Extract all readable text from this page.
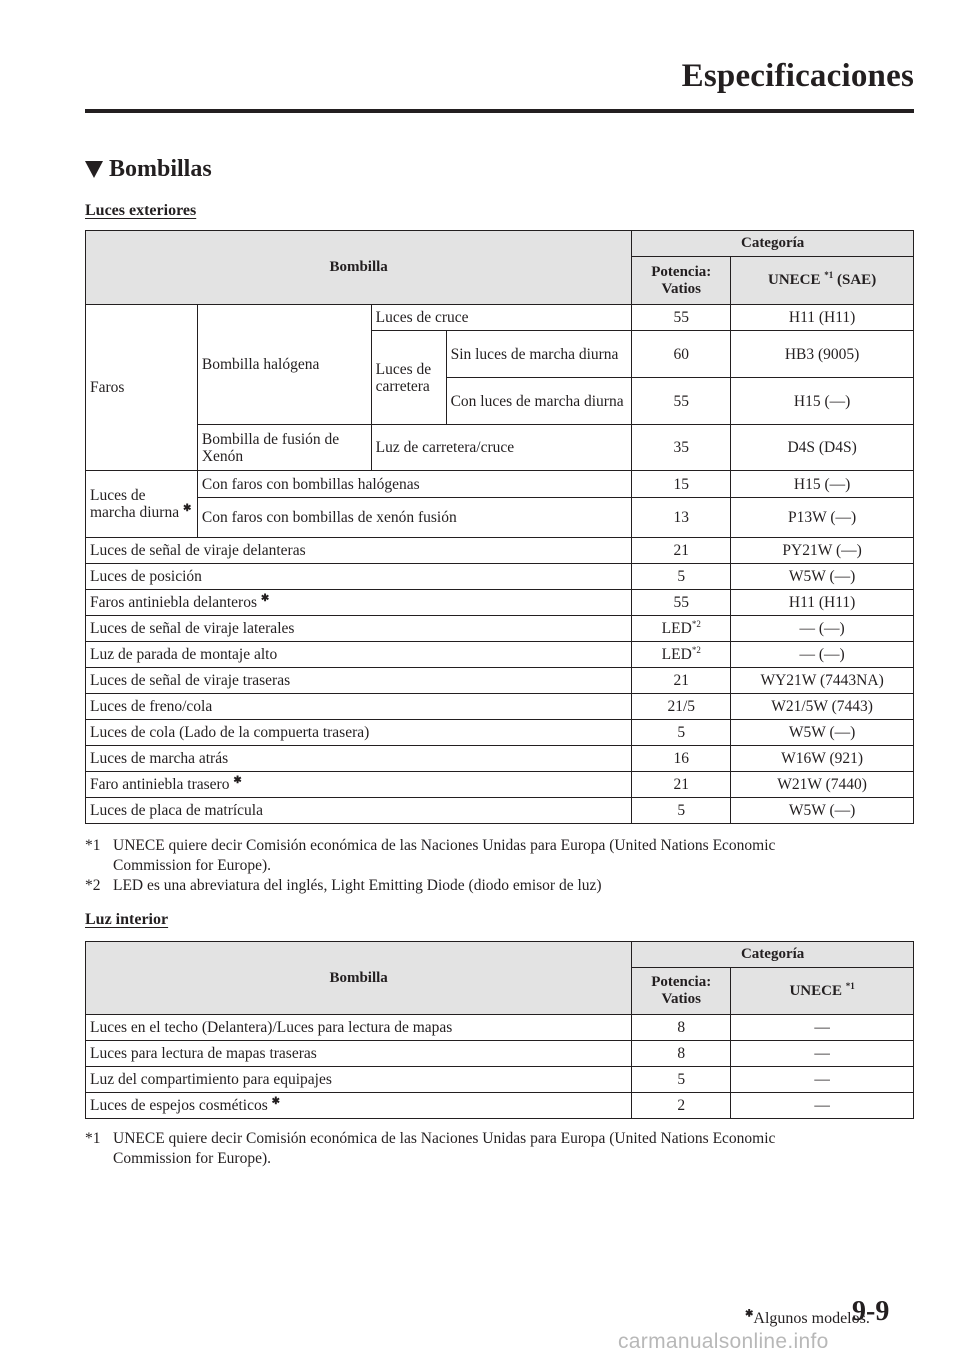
Especificaciones
Bombillas
Luces exteriores
Bombilla				Categoría	
				Potencia: Vatios	UNECE $^{*1}$ (SAE)
Faros	Bombilla halógena	Luces de cruce		55	H11 (H11)
		Luces de carretera	Sin luces de marcha diurna	60	HB3 (9005)
			Con luces de marcha diurna	55	H15 (―)
	Bombilla de fusión de Xenón	Luz de carretera/cruce		35	D4S (D4S)
Luces de marcha diurna ✱	Con faros con bombillas halógenas			15	H15 (―)
	Con faros con bombillas de xenón fusión			13	P13W (―)
Luces de señal de viraje delanteras				21	PY21W (―)
Luces de posición				5	W5W (―)
Faros antiniebla delanteros ✱				55	H11 (H11)
Luces de señal de viraje laterales				LED$^{*2}$	― (―)
Luz de parada de montaje alto				LED$^{*2}$	― (―)
Luces de señal de viraje traseras				21	WY21W (7443NA)
Luces de freno/cola				21/5	W21/5W (7443)
Luces de cola (Lado de la compuerta trasera)				5	W5W (―)
Luces de marcha atrás				16	W16W (921)
Faro antiniebla trasero ✱				21	W21W (7440)
Luces de placa de matrícula				5	W5W (―)
*1 UNECE quiere decir Comisión económica de las Naciones Unidas para Europa (United Nations Economic
Commission for Europe).
*2 LED es una abreviatura del inglés, Light Emitting Diode (diodo emisor de luz)
Luz interior
Bombilla	Categoría	
	Potencia: Vatios	UNECE $^{*1}$
Luces en el techo (Delantera)/Luces para lectura de mapas	8	―
Luces para lectura de mapas traseras	8	―
Luz del compartimiento para equipajes	5	―
Luces de espejos cosméticos ✱	2	―
*1 UNECE quiere decir Comisión económica de las Naciones Unidas para Europa (United Nations Economic
Commission for Europe).
✱Algunos modelos.
9-9
carmanualsonline.info
